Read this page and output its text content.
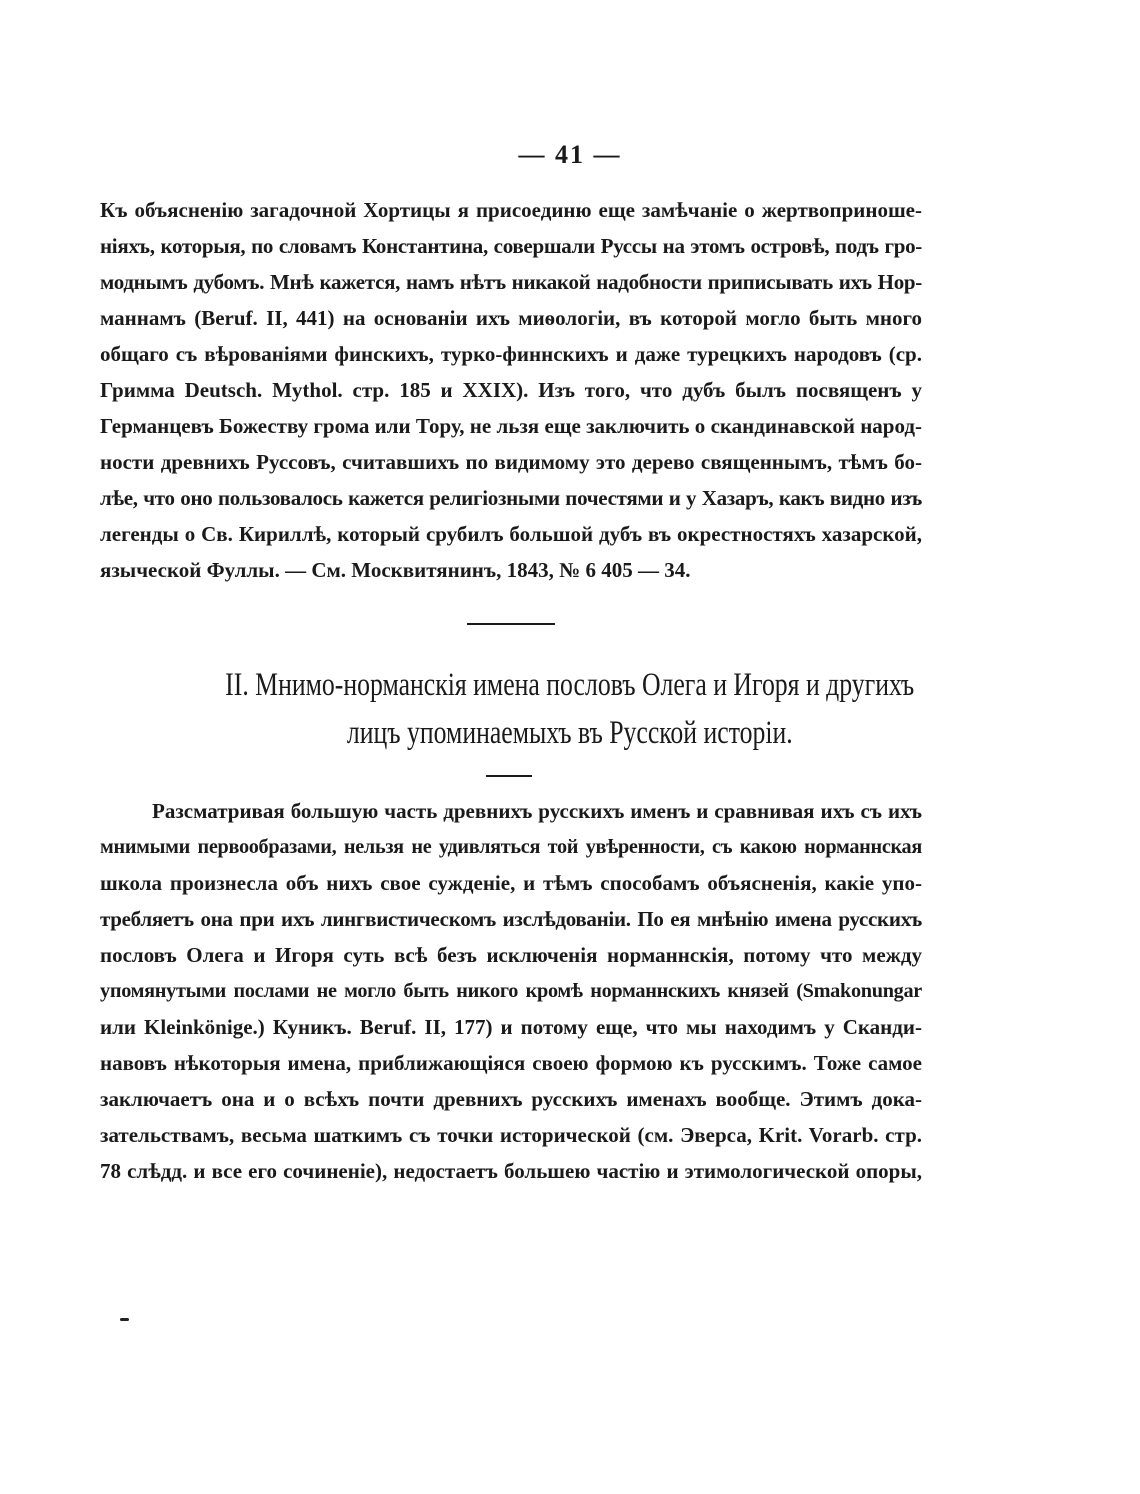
— 41 —
Къ объясненію загадочной Хортицы я присоединю еще замѣчаніе о жертвоприноше-
ніяхъ, которыя, по словамъ Константина, совершали Руссы на этомъ островѣ, подъ гро-
моднымъ дубомъ. Мнѣ кажется, намъ нѣтъ никакой надобности приписывать ихъ Нор-
маннамъ (Beruf. II, 441) на основаніи ихъ миѳологіи, въ которой могло быть много
общаго съ вѣрованіями финскихъ, турко-финнскихъ и даже турецкихъ народовъ (ср.
Гримма Deutsch. Mythol. стр. 185 и XXIX). Изъ того, что дубъ былъ посвященъ у
Германцевъ Божеству грома или Тору, не льзя еще заключить о скандинавской народ-
ности древнихъ Руссовъ, считавшихъ по видимому это дерево священнымъ, тѣмъ бо-
лѣе, что оно пользовалось кажется религіозными почестями и у Хазаръ, какъ видно изъ
легенды о Св. Кириллѣ, который срубилъ большой дубъ въ окрестностяхъ хазарской,
языческой Фуллы. — См. Москвитянинъ, 1843, № 6 405 — 34.
II. Мнимо-норманскія имена пословъ Олега и Игоря и другихъ
лицъ упоминаемыхъ въ Русской исторіи.
Разсматривая большую часть древнихъ русскихъ именъ и сравнивая ихъ съ ихъ
мнимыми первообразами, нельзя не удивляться той увѣренности, съ какою норманнская
школа произнесла объ нихъ свое сужденіе, и тѣмъ способамъ объясненія, какіе упо-
требляетъ она при ихъ лингвистическомъ изслѣдованіи. По ея мнѣнію имена русскихъ
пословъ Олега и Игоря суть всѣ безъ исключенія норманнскія, потому что между
упомянутыми послами не могло быть никого кромѣ норманнскихъ князей (Smakonungar
или Kleinkönige.) Куникъ. Beruf. II, 177) и потому еще, что мы находимъ у Сканди-
навовъ нѣкоторыя имена, приближающіяся своею формою къ русскимъ. Тоже самое
заключаетъ она и о всѣхъ почти древнихъ русскихъ именахъ вообще. Этимъ дока-
зательствамъ, весьма шаткимъ съ точки исторической (см. Эверса, Krit. Vorarb. стр.
78 слѣдд. и все его сочиненіе), недостаетъ большею частію и этимологической опоры,
